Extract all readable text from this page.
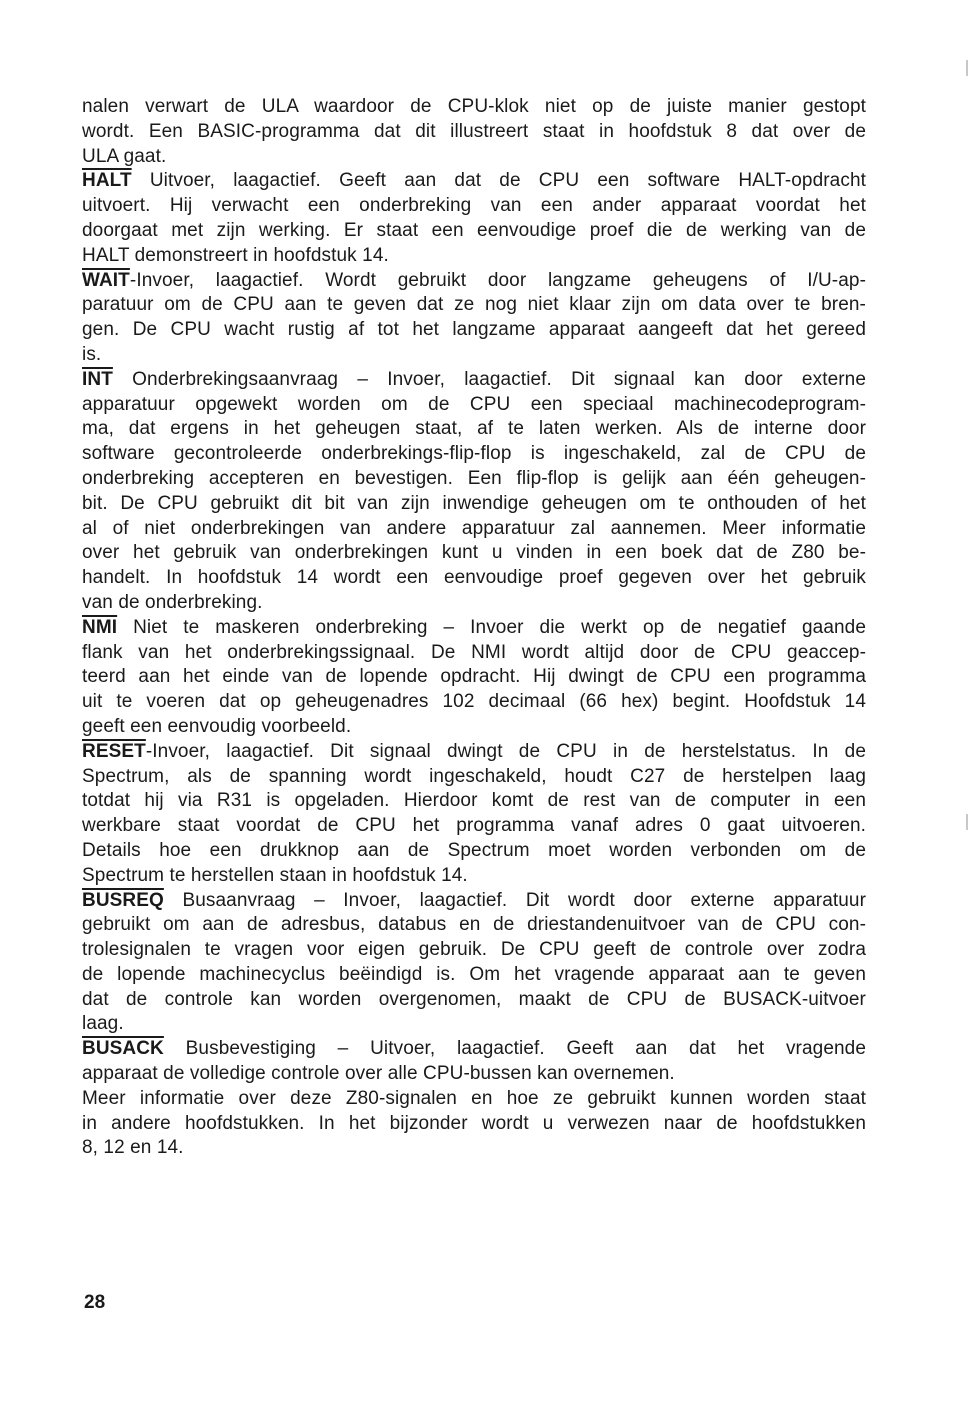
nalen verwart de ULA waardoor de CPU-klok niet op de juiste manier gestopt
wordt. Een BASIC-programma dat dit illustreert staat in hoofdstuk 8 dat over de
ULA gaat.
HALT Uitvoer, laagactief. Geeft aan dat de CPU een software HALT-opdracht
uitvoert. Hij verwacht een onderbreking van een ander apparaat voordat het
doorgaat met zijn werking. Er staat een eenvoudige proef die de werking van de
HALT demonstreert in hoofdstuk 14.
WAIT-Invoer, laagactief. Wordt gebruikt door langzame geheugens of I/U-ap-
paratuur om de CPU aan te geven dat ze nog niet klaar zijn om data over te bren-
gen. De CPU wacht rustig af tot het langzame apparaat aangeeft dat het gereed
is.
$\overline{INT}$ Onderbrekingsaanvraag – Invoer, laagactief. Dit signaal kan door externe
apparatuur opgewekt worden om de CPU een speciaal machinecodeprogram-
ma, dat ergens in het geheugen staat, af te laten werken. Als de interne door
software gecontroleerde onderbrekings-flip-flop is ingeschakeld, zal de CPU de
onderbreking accepteren en bevestigen. Een flip-flop is gelijk aan één geheugen-
bit. De CPU gebruikt dit bit van zijn inwendige geheugen om te onthouden of het
al of niet onderbrekingen van andere apparatuur zal aannemen. Meer informatie
over het gebruik van onderbrekingen kunt u vinden in een boek dat de Z80 be-
handelt. In hoofdstuk 14 wordt een eenvoudige proef gegeven over het gebruik
van de onderbreking.
$\overline{NMI}$ Niet te maskeren onderbreking – Invoer die werkt op de negatief gaande
flank van het onderbrekingssignaal. De NMI wordt altijd door de CPU geaccep-
teerd aan het einde van de lopende opdracht. Hij dwingt de CPU een programma
uit te voeren dat op geheugenadres 102 decimaal (66 hex) begint. Hoofdstuk 14
geeft een eenvoudig voorbeeld.
RESET-Invoer, laagactief. Dit signaal dwingt de CPU in de herstelstatus. In de
Spectrum, als de spanning wordt ingeschakeld, houdt C27 de herstelpen laag
totdat hij via R31 is opgeladen. Hierdoor komt de rest van de computer in een
werkbare staat voordat de CPU het programma vanaf adres 0 gaat uitvoeren.
Details hoe een drukknop aan de Spectrum moet worden verbonden om de
Spectrum te herstellen staan in hoofdstuk 14.
BUSREQ Busaanvraag – Invoer, laagactief. Dit wordt door externe apparatuur
gebruikt om aan de adresbus, databus en de driestandenuitvoer van de CPU con-
trolesignalen te vragen voor eigen gebruik. De CPU geeft de controle over zodra
de lopende machinecyclus beëindigd is. Om het vragende apparaat aan te geven
dat de controle kan worden overgenomen, maakt de CPU de BUSACK-uitvoer
laag.
BUSACK Busbevestiging – Uitvoer, laagactief. Geeft aan dat het vragende
apparaat de volledige controle over alle CPU-bussen kan overnemen.
Meer informatie over deze Z80-signalen en hoe ze gebruikt kunnen worden staat
in andere hoofdstukken. In het bijzonder wordt u verwezen naar de hoofdstukken
8, 12 en 14.
28
